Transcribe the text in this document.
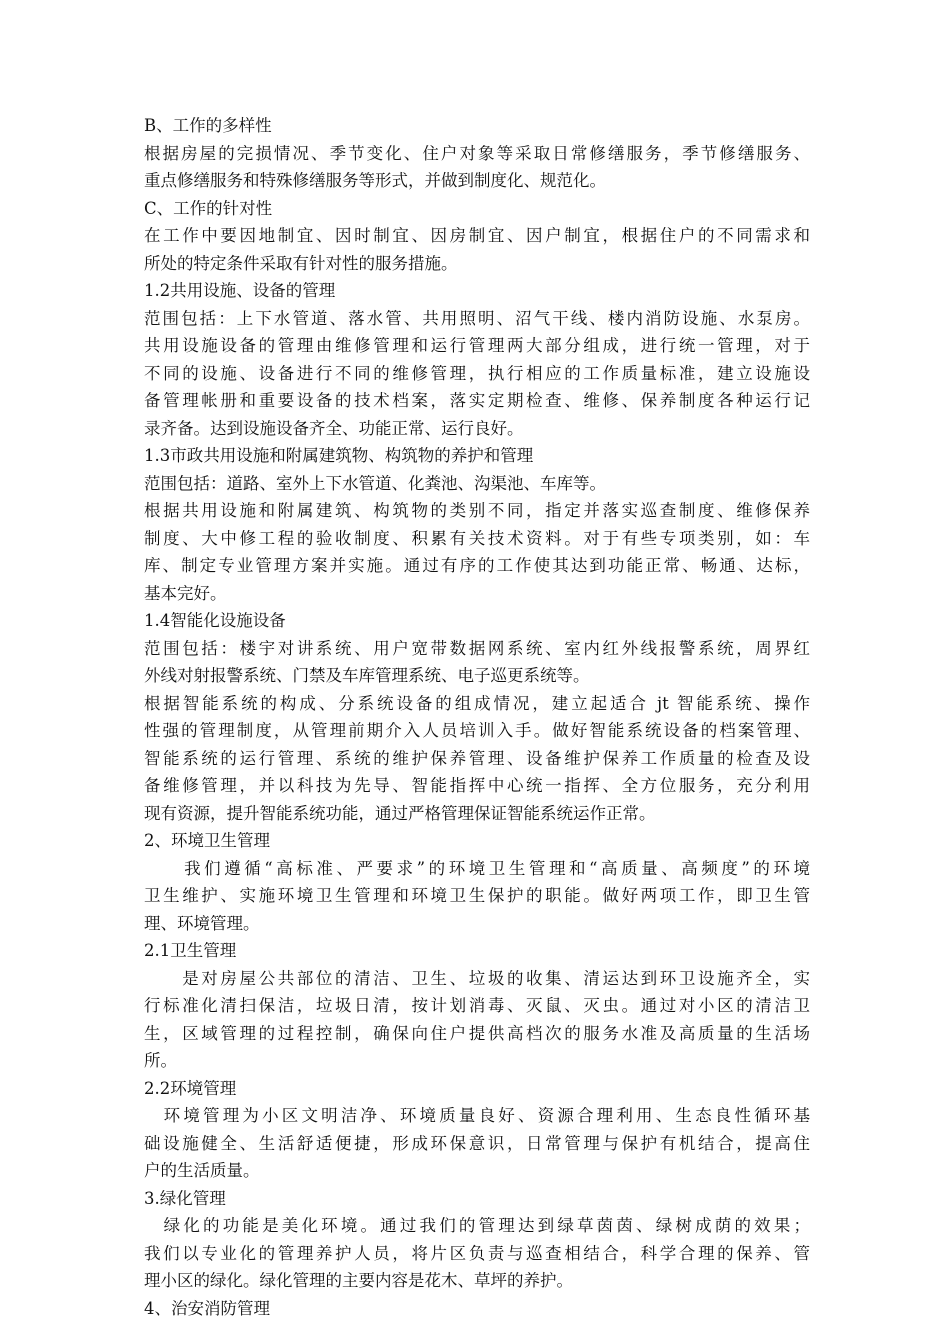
B、工作的多样性
根据房屋的完损情况、季节变化、住户对象等采取日常修缮服务，季节修缮服务、
重点修缮服务和特殊修缮服务等形式，并做到制度化、规范化。
C、工作的针对性
在工作中要因地制宜、因时制宜、因房制宜、因户制宜，根据住户的不同需求和
所处的特定条件采取有针对性的服务措施。
1.2共用设施、设备的管理
范围包括：上下水管道、落水管、共用照明、沼气干线、楼内消防设施、水泵房。
共用设施设备的管理由维修管理和运行管理两大部分组成，进行统一管理，对于
不同的设施、设备进行不同的维修管理，执行相应的工作质量标准，建立设施设
备管理帐册和重要设备的技术档案，落实定期检查、维修、保养制度各种运行记
录齐备。达到设施设备齐全、功能正常、运行良好。
1.3市政共用设施和附属建筑物、构筑物的养护和管理
范围包括：道路、室外上下水管道、化粪池、沟渠池、车库等。
根据共用设施和附属建筑、构筑物的类别不同，指定并落实巡查制度、维修保养
制度、大中修工程的验收制度、积累有关技术资料。对于有些专项类别，如：车
库、制定专业管理方案并实施。通过有序的工作使其达到功能正常、畅通、达标，
基本完好。
1.4智能化设施设备
范围包括：楼宇对讲系统、用户宽带数据网系统、室内红外线报警系统，周界红
外线对射报警系统、门禁及车库管理系统、电子巡更系统等。
根据智能系统的构成、分系统设备的组成情况，建立起适合 jt 智能系统、操作
性强的管理制度，从管理前期介入人员培训入手。做好智能系统设备的档案管理、
智能系统的运行管理、系统的维护保养管理、设备维护保养工作质量的检查及设
备维修管理，并以科技为先导、智能指挥中心统一指挥、全方位服务，充分利用
现有资源，提升智能系统功能，通过严格管理保证智能系统运作正常。
2、环境卫生管理
　　我们遵循“高标准、严要求”的环境卫生管理和“高质量、高频度”的环境
卫生维护、实施环境卫生管理和环境卫生保护的职能。做好两项工作，即卫生管
理、环境管理。
2.1卫生管理
　　是对房屋公共部位的清洁、卫生、垃圾的收集、清运达到环卫设施齐全，实
行标准化清扫保洁，垃圾日清，按计划消毒、灭鼠、灭虫。通过对小区的清洁卫
生，区域管理的过程控制，确保向住户提供高档次的服务水准及高质量的生活场
所。
2.2环境管理
　环境管理为小区文明洁净、环境质量良好、资源合理利用、生态良性循环基
础设施健全、生活舒适便捷，形成环保意识，日常管理与保护有机结合，提高住
户的生活质量。
3.绿化管理
　绿化的功能是美化环境。通过我们的管理达到绿草茵茵、绿树成荫的效果；
我们以专业化的管理养护人员，将片区负责与巡查相结合，科学合理的保养、管
理小区的绿化。绿化管理的主要内容是花木、草坪的养护。
4、治安消防管理
